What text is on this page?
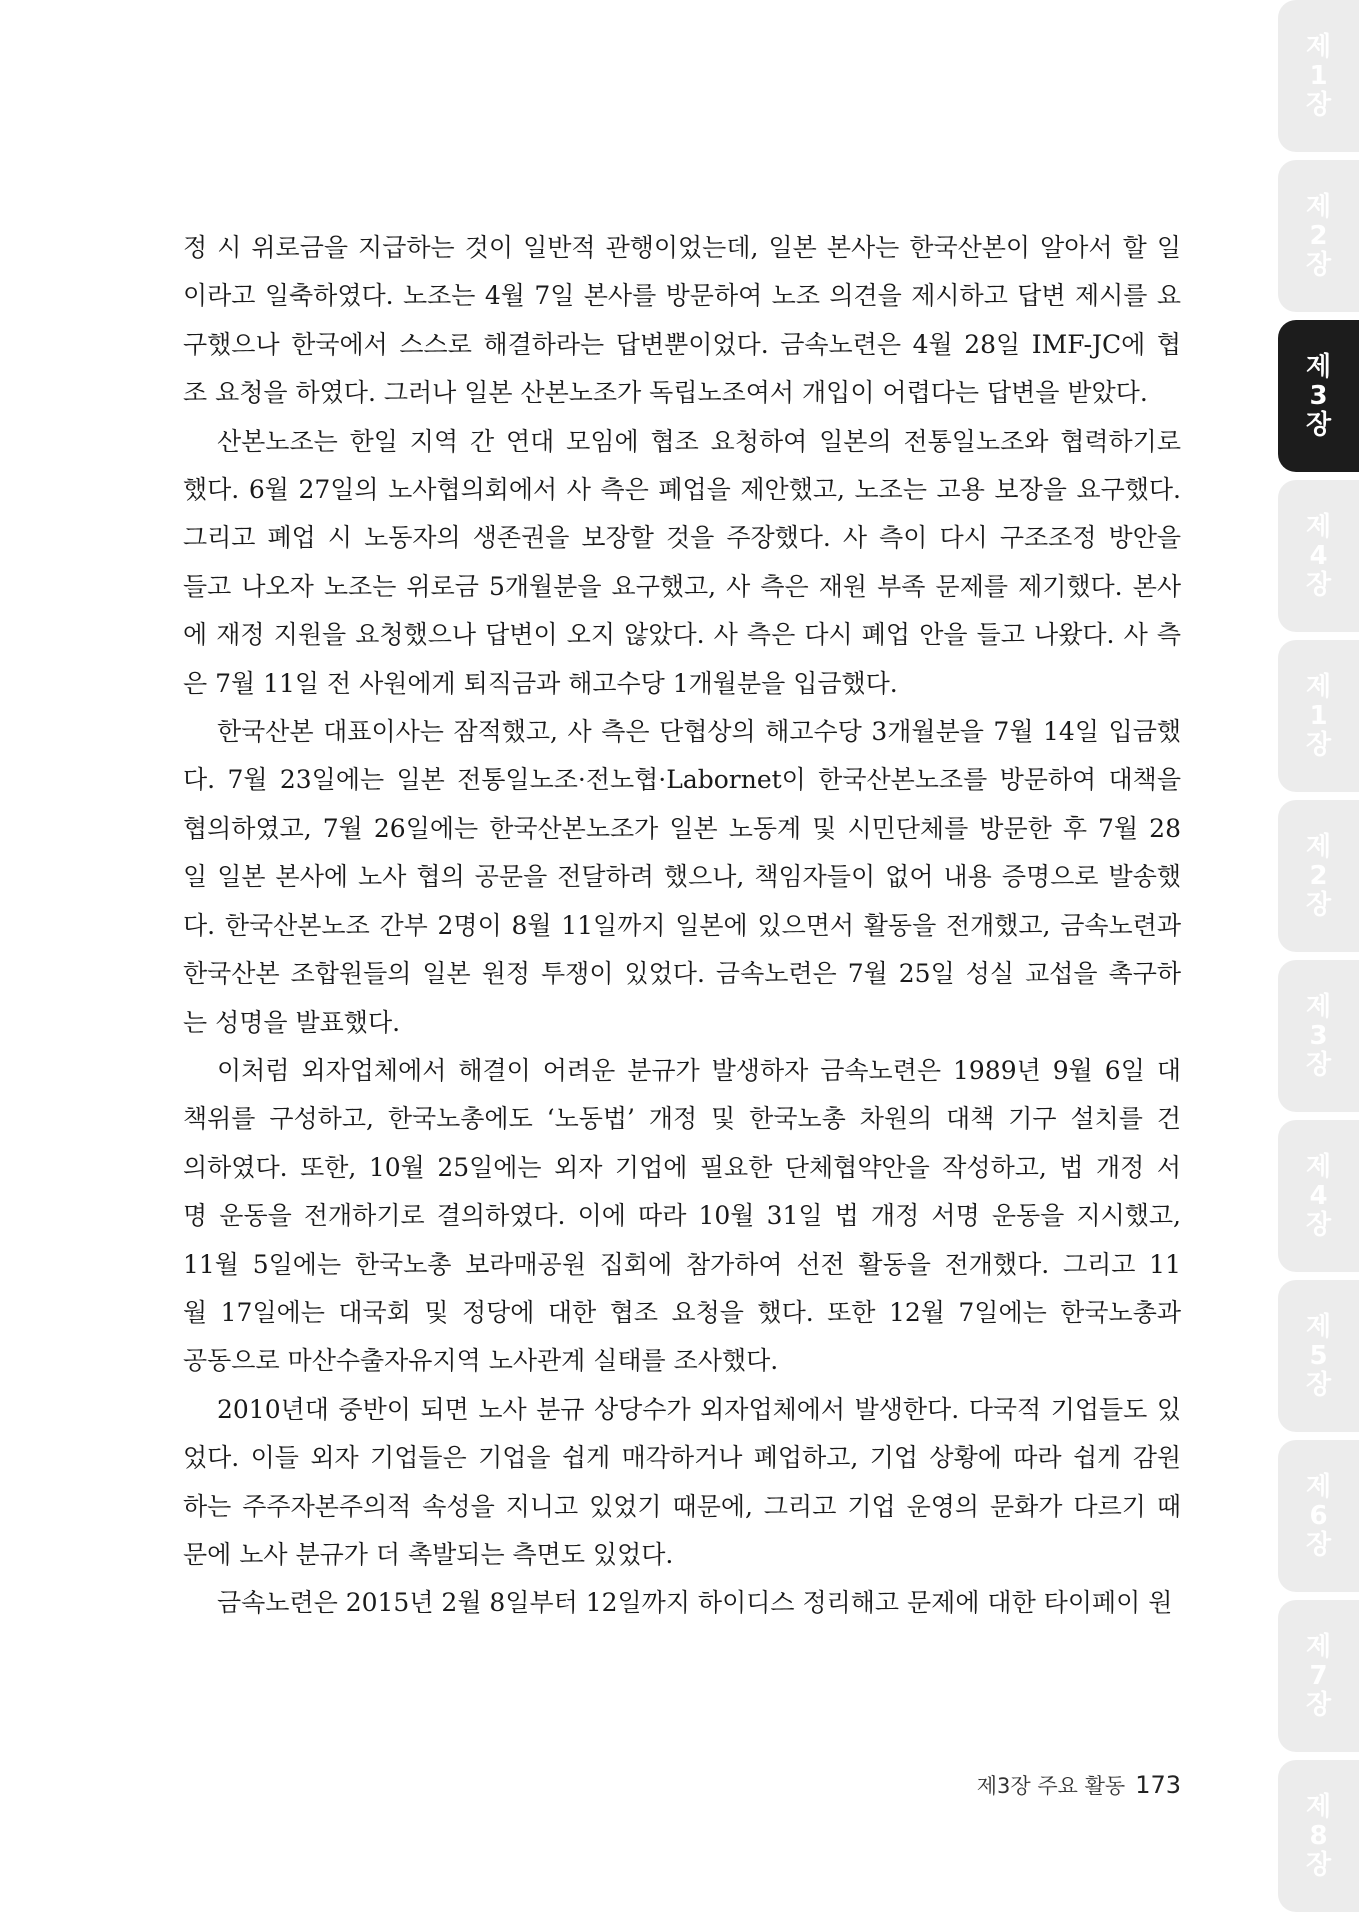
정 시 위로금을 지급하는 것이 일반적 관행이었는데, 일본 본사는 한국산본이 알아서 할 일
이라고 일축하였다. 노조는 4월 7일 본사를 방문하여 노조 의견을 제시하고 답변 제시를 요
구했으나 한국에서 스스로 해결하라는 답변뿐이었다. 금속노련은 4월 28일 IMF-JC에 협
조 요청을 하였다. 그러나 일본 산본노조가 독립노조여서 개입이 어렵다는 답변을 받았다.
산본노조는 한일 지역 간 연대 모임에 협조 요청하여 일본의 전통일노조와 협력하기로
했다. 6월 27일의 노사협의회에서 사 측은 폐업을 제안했고, 노조는 고용 보장을 요구했다.
그리고 폐업 시 노동자의 생존권을 보장할 것을 주장했다. 사 측이 다시 구조조정 방안을
들고 나오자 노조는 위로금 5개월분을 요구했고, 사 측은 재원 부족 문제를 제기했다. 본사
에 재정 지원을 요청했으나 답변이 오지 않았다. 사 측은 다시 폐업 안을 들고 나왔다. 사 측
은 7월 11일 전 사원에게 퇴직금과 해고수당 1개월분을 입금했다.
한국산본 대표이사는 잠적했고, 사 측은 단협상의 해고수당 3개월분을 7월 14일 입금했
다. 7월 23일에는 일본 전통일노조·전노협·Labornet이 한국산본노조를 방문하여 대책을
협의하였고, 7월 26일에는 한국산본노조가 일본 노동계 및 시민단체를 방문한 후 7월 28
일 일본 본사에 노사 협의 공문을 전달하려 했으나, 책임자들이 없어 내용 증명으로 발송했
다. 한국산본노조 간부 2명이 8월 11일까지 일본에 있으면서 활동을 전개했고, 금속노련과
한국산본 조합원들의 일본 원정 투쟁이 있었다. 금속노련은 7월 25일 성실 교섭을 촉구하
는 성명을 발표했다.
이처럼 외자업체에서 해결이 어려운 분규가 발생하자 금속노련은 1989년 9월 6일 대
책위를 구성하고, 한국노총에도 ‘노동법’ 개정 및 한국노총 차원의 대책 기구 설치를 건
의하였다. 또한, 10월 25일에는 외자 기업에 필요한 단체협약안을 작성하고, 법 개정 서
명 운동을 전개하기로 결의하였다. 이에 따라 10월 31일 법 개정 서명 운동을 지시했고,
11월 5일에는 한국노총 보라매공원 집회에 참가하여 선전 활동을 전개했다. 그리고 11
월 17일에는 대국회 및 정당에 대한 협조 요청을 했다. 또한 12월 7일에는 한국노총과
공동으로 마산수출자유지역 노사관계 실태를 조사했다.
2010년대 중반이 되면 노사 분규 상당수가 외자업체에서 발생한다. 다국적 기업들도 있
었다. 이들 외자 기업들은 기업을 쉽게 매각하거나 폐업하고, 기업 상황에 따라 쉽게 감원
하는 주주자본주의적 속성을 지니고 있었기 때문에, 그리고 기업 운영의 문화가 다르기 때
문에 노사 분규가 더 촉발되는 측면도 있었다.
금속노련은 2015년 2월 8일부터 12일까지 하이디스 정리해고 문제에 대한 타이페이 원
제3장 주요 활동 173
제
1
장
제
2
장
제
3
장
제
4
장
제
1
장
제
2
장
제
3
장
제
4
장
제
5
장
제
6
장
제
7
장
제
8
장
